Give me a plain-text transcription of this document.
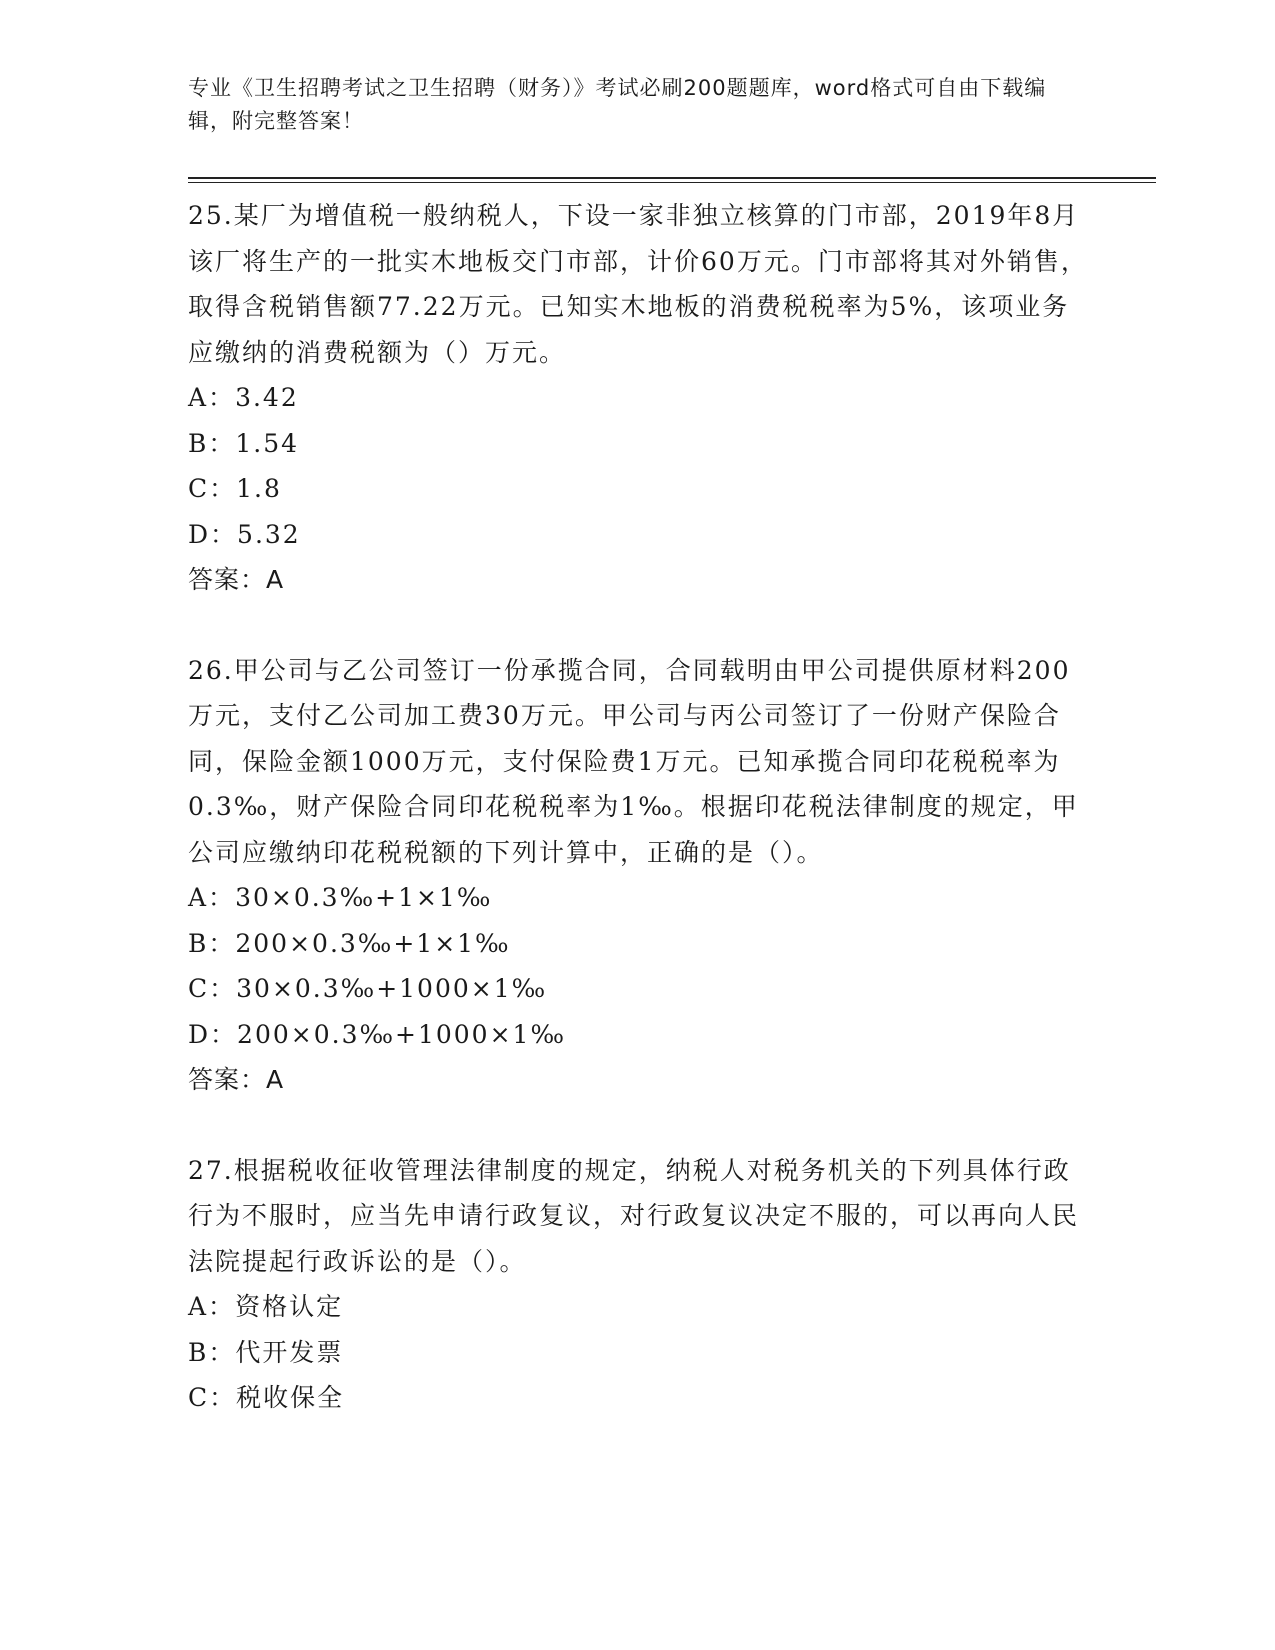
专业《卫生招聘考试之卫生招聘（财务）》考试必刷200题题库，word格式可自由下载编辑，附完整答案！

25.某厂为增值税一般纳税人，下设一家非独立核算的门市部，2019年8月该厂将生产的一批实木地板交门市部，计价60万元。门市部将其对外销售，取得含税销售额77.22万元。已知实木地板的消费税税率为5%，该项业务应缴纳的消费税额为（）万元。

A：3.42

B：1.54

C：1.8

D：5.32

答案：A

26.甲公司与乙公司签订一份承揽合同，合同载明由甲公司提供原材料200万元，支付乙公司加工费30万元。甲公司与丙公司签订了一份财产保险合同，保险金额1000万元，支付保险费1万元。已知承揽合同印花税税率为0.3‰，财产保险合同印花税税率为1‰。根据印花税法律制度的规定，甲公司应缴纳印花税税额的下列计算中，正确的是（）。

A：30×0.3‰+1×1‰

B：200×0.3‰+1×1‰

C：30×0.3‰+1000×1‰

D：200×0.3‰+1000×1‰

答案：A

27.根据税收征收管理法律制度的规定，纳税人对税务机关的下列具体行政行为不服时，应当先申请行政复议，对行政复议决定不服的，可以再向人民法院提起行政诉讼的是（）。

A：资格认定

B：代开发票

C：税收保全
